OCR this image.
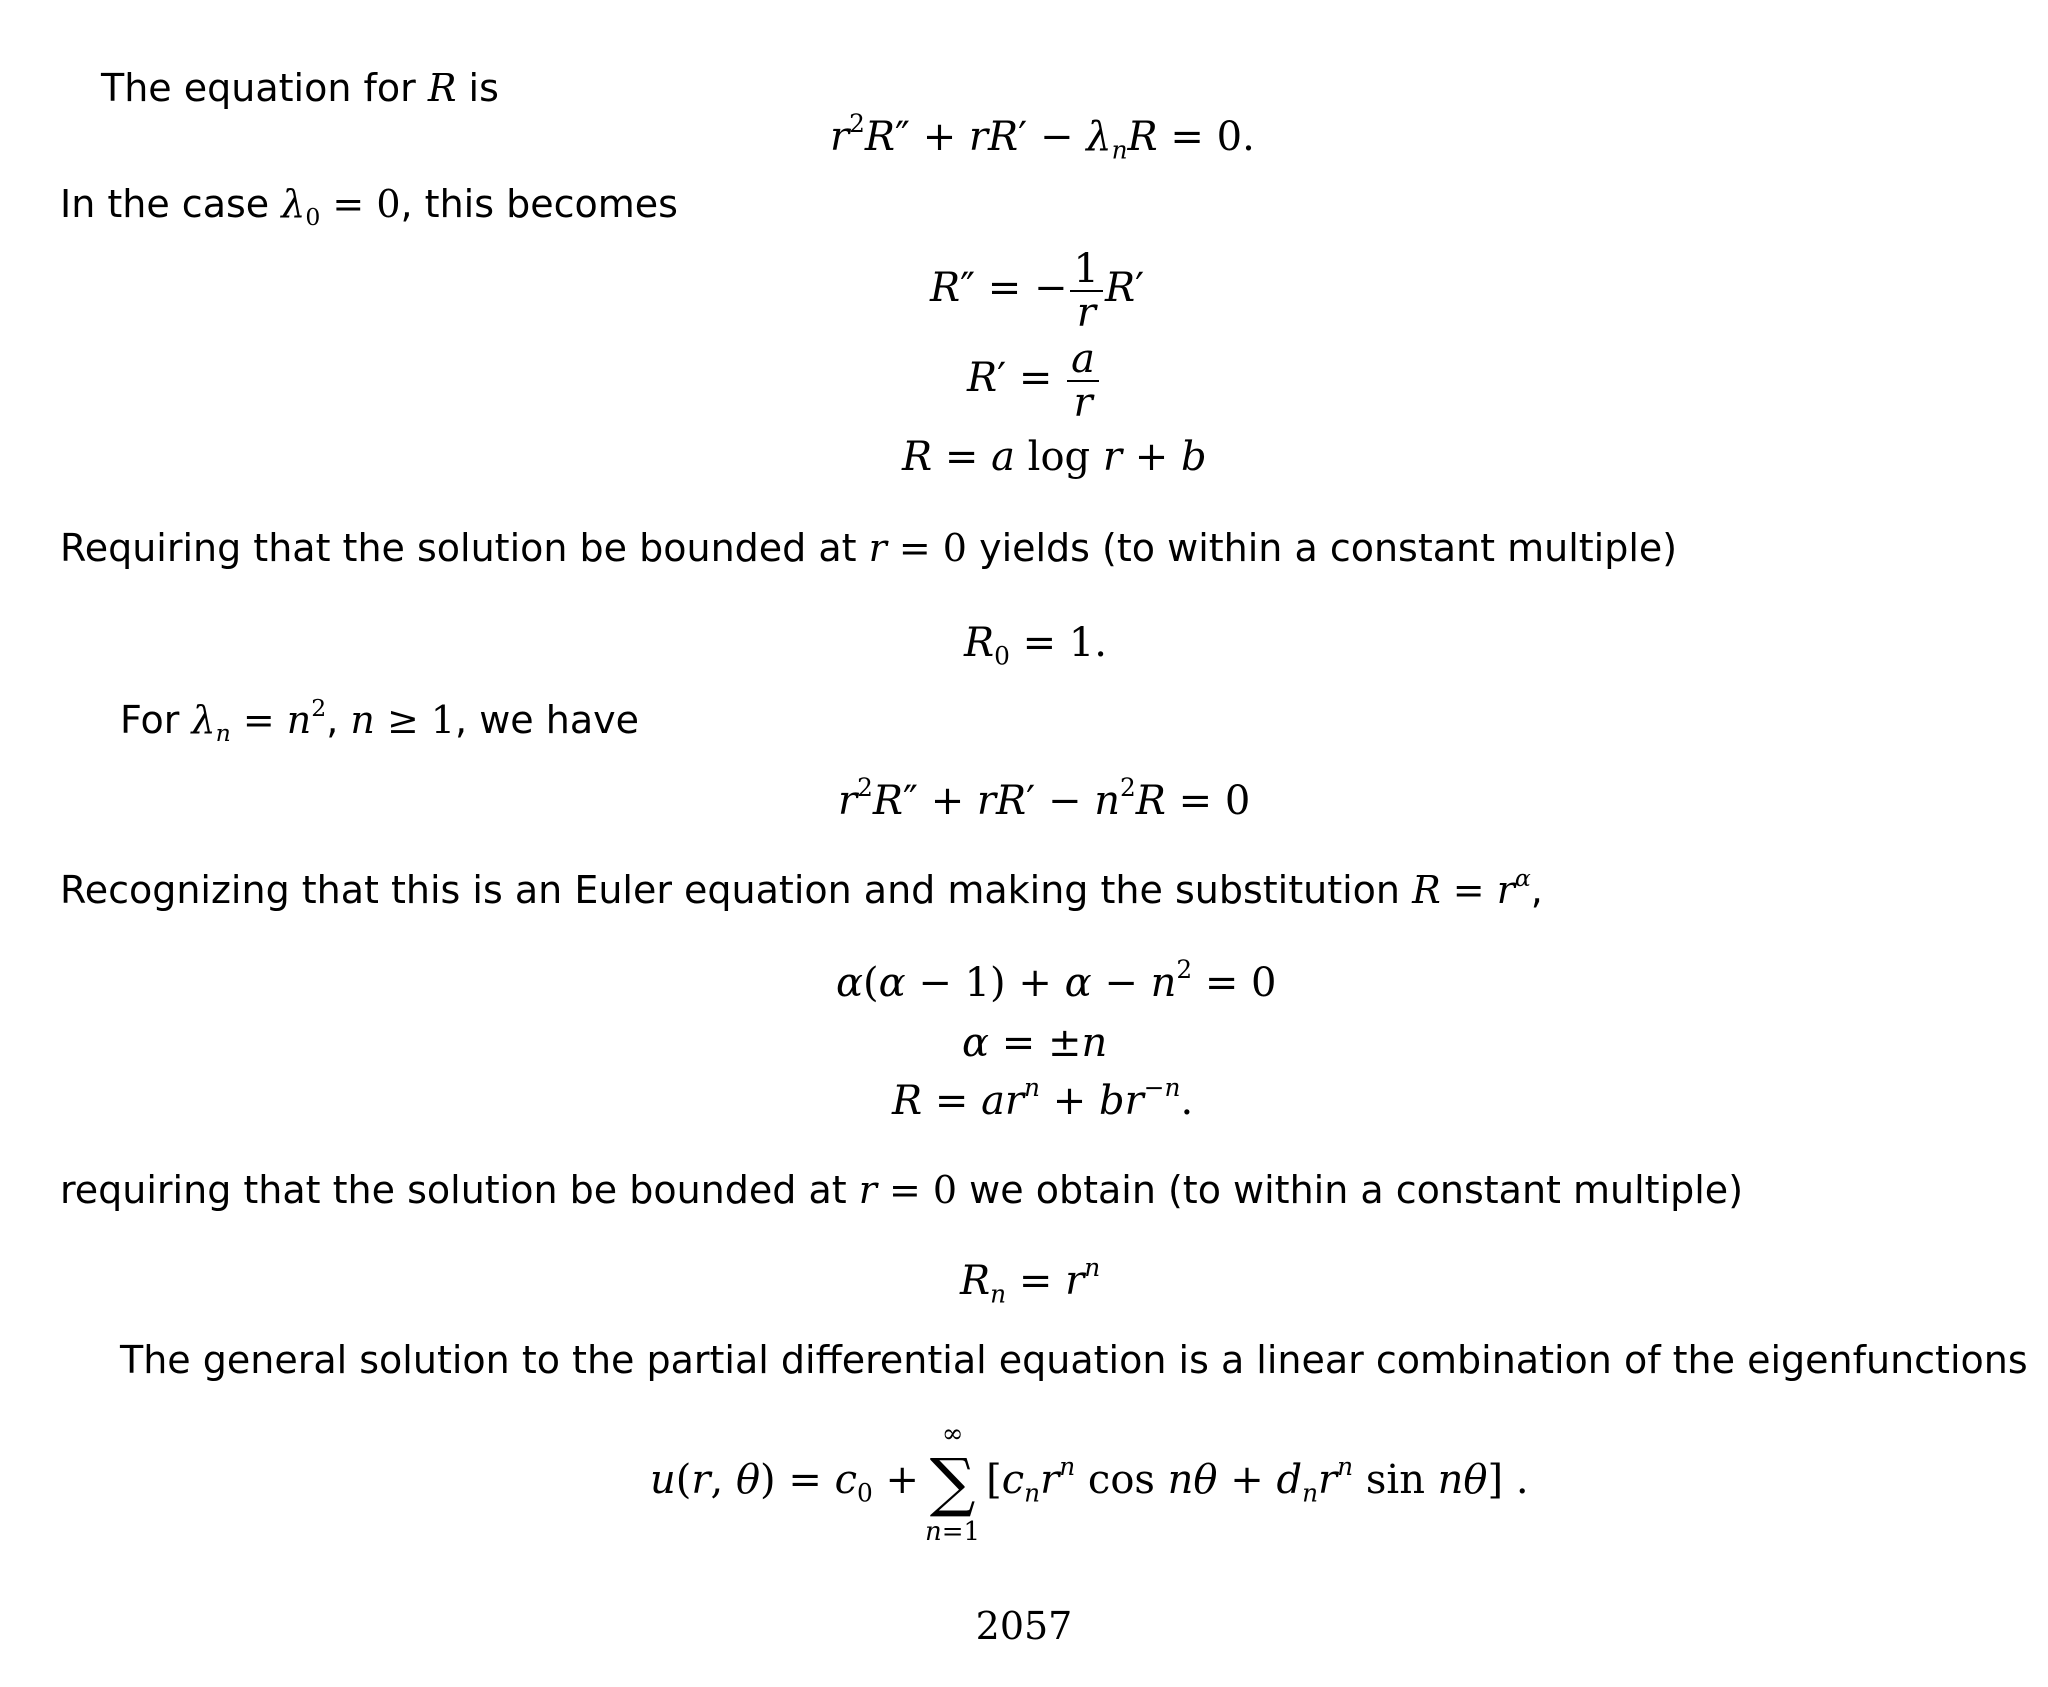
The equation for R is
$r^2R'' + rR' - \lambda_nR = 0$.
In the case $\lambda_0 = 0$, this becomes
R″ = − $\frac{1}{r} R'$
$R' = \frac{a}{r}$
R = a log r + b
Requiring that the solution be bounded at r = 0 yields (to within a constant multiple)
$R_0 = 1$.
For $\lambda_n = n^2$, n ≥ 1, we have
$r^2R'' + rR' - n^2R = 0$
Recognizing that this is an Euler equation and making the substitution $R = r^\alpha$,
$\alpha(\alpha - 1) + \alpha - n^2 = 0$
α = ±n
$R = ar^n + br^{-n}$.
requiring that the solution be bounded at r = 0 we obtain (to within a constant multiple)
$R_n = r^n$
The general solution to the partial differential equation is a linear combination of the eigenfunctions
u(r, $\theta) = c_0$ +
∞
∑
n=1
[$c_nr^n$ $\cos n\theta + d_nr^n$ sin nθ] .
2057
